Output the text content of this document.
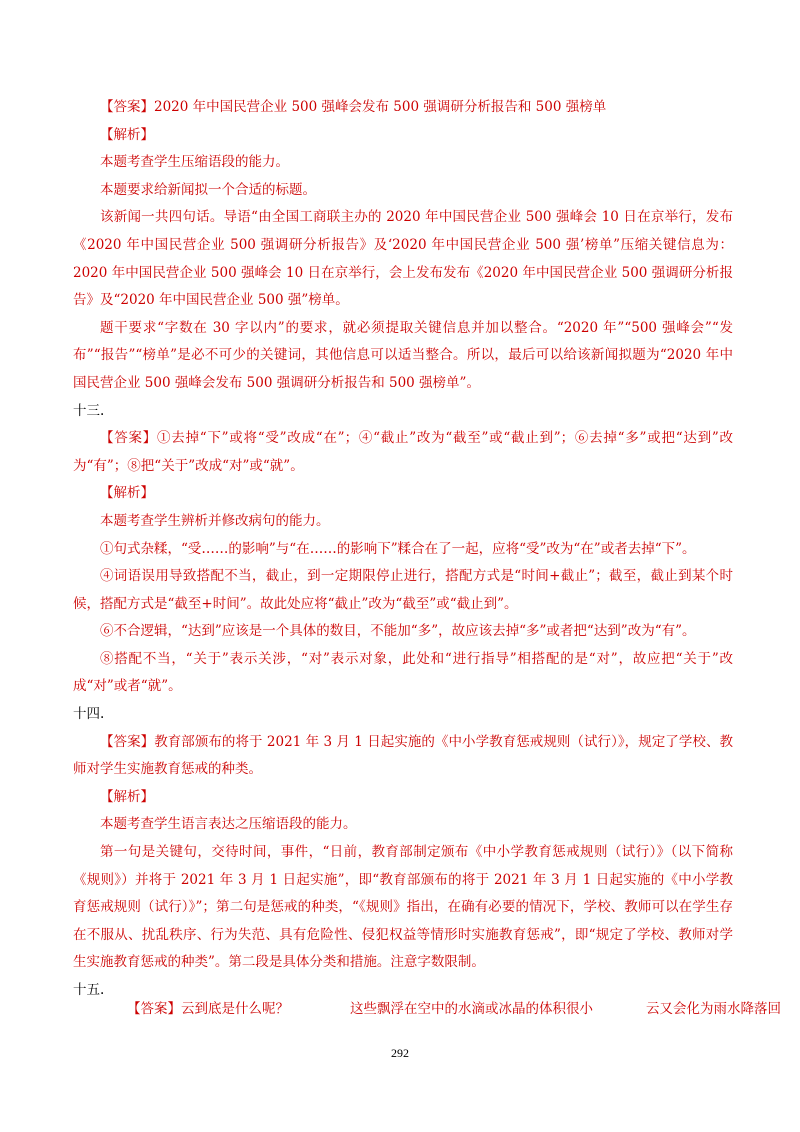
【答案】2020 年中国民营企业 500 强峰会发布 500 强调研分析报告和 500 强榜单

【解析】

本题考查学生压缩语段的能力。

本题要求给新闻拟一个合适的标题。

该新闻一共四句话。导语“由全国工商联主办的 2020 年中国民营企业 500 强峰会 10 日在京举行，发布《2020 年中国民营企业 500 强调研分析报告》及‘2020 年中国民营企业 500 强’榜单”压缩关键信息为：2020 年中国民营企业 500 强峰会 10 日在京举行，会上发布发布《2020 年中国民营企业 500 强调研分析报告》及“2020 年中国民营企业 500 强”榜单。

题干要求“字数在 30 字以内”的要求，就必须提取关键信息并加以整合。“2020 年”“500 强峰会”“发布”“报告”“榜单”是必不可少的关键词，其他信息可以适当整合。所以，最后可以给该新闻拟题为“2020 年中国民营企业 500 强峰会发布 500 强调研分析报告和 500 强榜单”。

十三.

【答案】①去掉“下”或将“受”改成“在”；④“截止”改为“截至”或“截止到”；⑥去掉“多”或把“达到”改为“有”；⑧把“关于”改成“对”或“就”。

【解析】

本题考查学生辨析并修改病句的能力。

①句式杂糅，“受……的影响”与“在……的影响下”糅合在了一起，应将“受”改为“在”或者去掉“下”。

④词语误用导致搭配不当，截止，到一定期限停止进行，搭配方式是“时间+截止”；截至，截止到某个时候，搭配方式是“截至+时间”。故此处应将“截止”改为“截至”或“截止到”。

⑥不合逻辑，“达到”应该是一个具体的数目，不能加“多”，故应该去掉“多”或者把“达到”改为“有”。

⑧搭配不当，“关于”表示关涉，“对”表示对象，此处和“进行指导”相搭配的是“对”，故应把“关于”改成“对”或者“就”。

十四.

【答案】教育部颁布的将于 2021 年 3 月 1 日起实施的《中小学教育惩戒规则（试行）》，规定了学校、教师对学生实施教育惩戒的种类。

【解析】

本题考查学生语言表达之压缩语段的能力。

第一句是关键句，交待时间，事件，“日前，教育部制定颁布《中小学教育惩戒规则（试行）》（以下简称《规则》）并将于 2021 年 3 月 1 日起实施”，即“教育部颁布的将于 2021 年 3 月 1 日起实施的《中小学教育惩戒规则（试行）》”；第二句是惩戒的种类，“《规则》指出，在确有必要的情况下，学校、教师可以在学生存在不服从、扰乱秩序、行为失范、具有危险性、侵犯权益等情形时实施教育惩戒”，即“规定了学校、教师对学生实施教育惩戒的种类”。第二段是具体分类和措施。注意字数限制。

十五.

【答案】云到底是什么呢？	这些飘浮在空中的水滴或冰晶的体积很小	云又会化为雨水降落回

292
